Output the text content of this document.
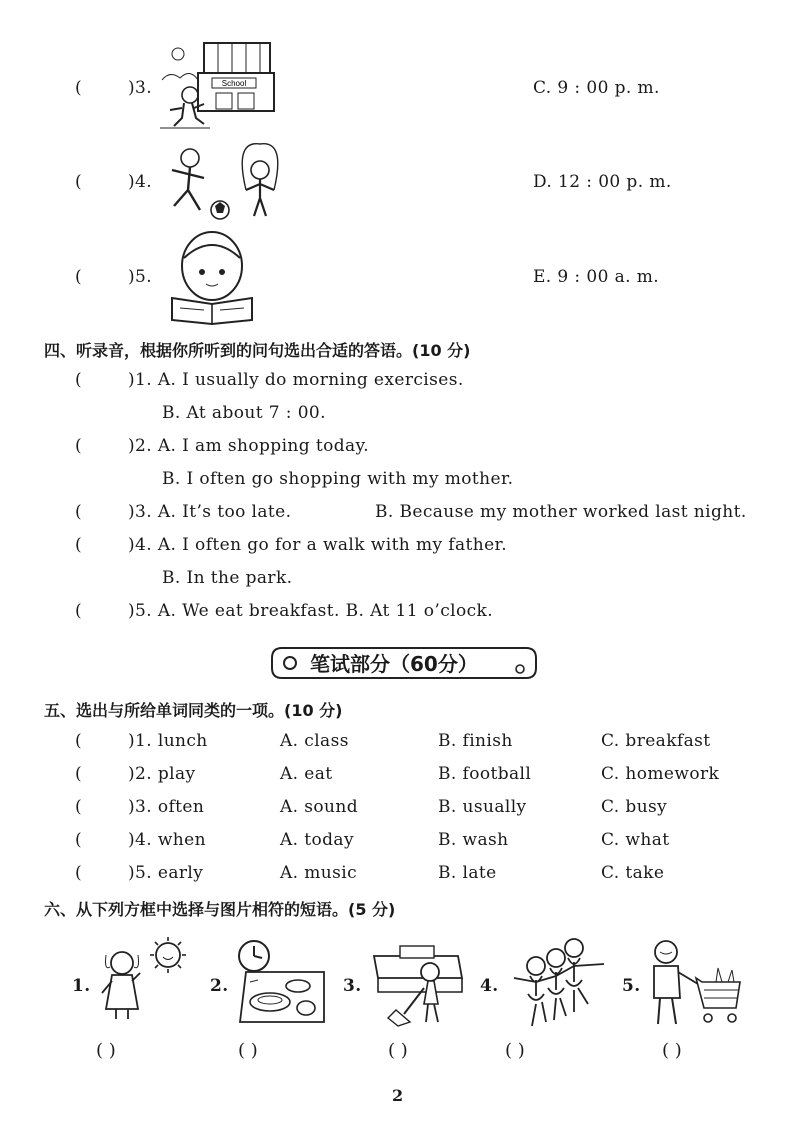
(	)3.	C. 9 : 00 p. m.
(	)4.	D. 12 : 00 p. m.
(	)5.	E. 9 : 00 a. m.
School
四、听录音，根据你所听到的问句选出合适的答语。(10 分)
(	)1. A. I usually do morning exercises.
B. At about 7 : 00.
(	)2. A. I am shopping today.
B. I often go shopping with my mother.
(	)3. A. It’s too late.	B. Because my mother worked last night.
(	)4. A. I often go for a walk with my father.
B. In the park.
(	)5. A. We eat breakfast. B. At 11 o’clock.
笔试部分（60分）
五、选出与所给单词同类的一项。(10 分)
(	)1. lunch	A. class	B. finish	C. breakfast
(	)2. play	A. eat	B. football	C. homework
(	)3. often	A. sound	B. usually	C. busy
(	)4. when	A. today	B. wash	C. what
(	)5. early	A. music	B. late	C. take
六、从下列方框中选择与图片相符的短语。(5 分)
1.	2.	3.	4.	5.
( )	( )	( )	( )	( )
2
